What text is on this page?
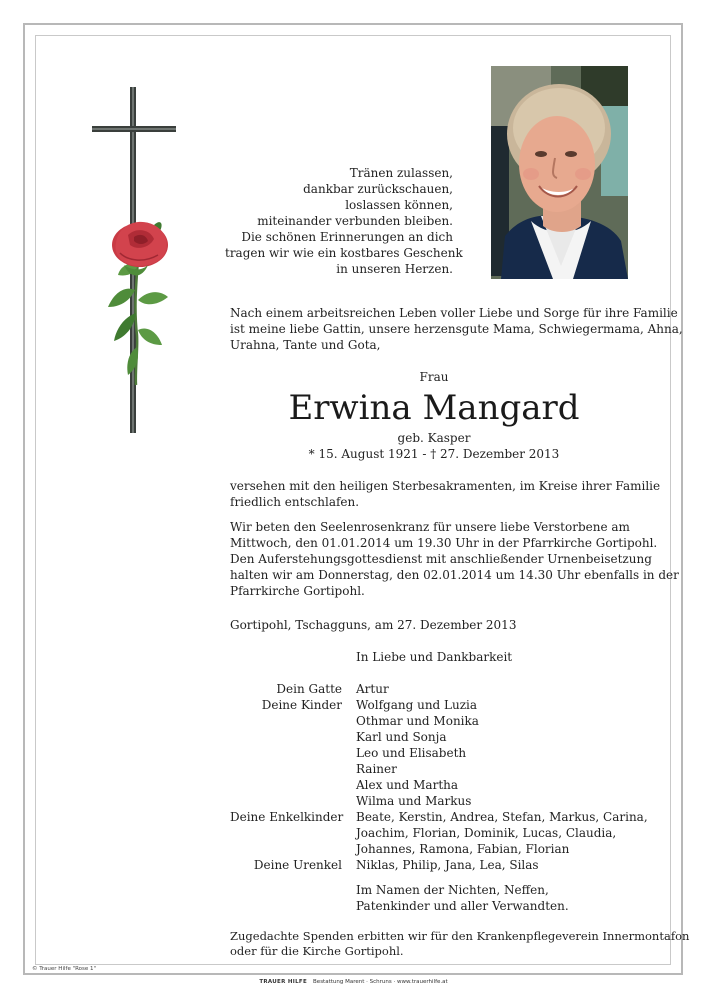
Tränen zulassen,
dankbar zurückschauen,
loslassen können,
miteinander verbunden bleiben.
Die schönen Erinnerungen an dich
tragen wir wie ein kostbares Geschenk
in unseren Herzen.

Nach einem arbeitsreichen Leben voller Liebe und Sorge für ihre Familie

ist meine liebe Gattin, unsere herzensgute Mama, Schwiegermama, Ahna,

Urahna, Tante und Gota,

Frau
Erwina Mangard
geb. Kasper
* 15. August 1921 - † 27. Dezember 2013
versehen mit den heiligen Sterbesakramenten, im Kreise ihrer Familie
friedlich entschlafen.
Wir beten den Seelenrosenkranz für unsere liebe Verstorbene am
Mittwoch, den 01.01.2014 um 19.30 Uhr in der Pfarrkirche Gortipohl.
Den Auferstehungsgottesdienst mit anschließender Urnenbeisetzung
halten wir am Donnerstag, den 02.01.2014 um 14.30 Uhr ebenfalls in der
Pfarrkirche Gortipohl.
Gortipohl, Tschagguns, am 27. Dezember 2013
In Liebe und Dankbarkeit
Dein Gatte Artur
Deine Kinder Wolfgang und Luzia
Othmar und Monika
Karl und Sonja
Leo und Elisabeth
Rainer
Alex und Martha
Wilma und Markus
Deine Enkelkinder Beate, Kerstin, Andrea, Stefan, Markus, Carina,
Joachim, Florian, Dominik, Lucas, Claudia,
Johannes, Ramona, Fabian, Florian
Deine Urenkel Niklas, Philip, Jana, Lea, Silas
Im Namen der Nichten, Neffen,
Patenkinder und aller Verwandten.
Zugedachte Spenden erbitten wir für den Krankenpflegeverein Innermontafon
oder für die Kirche Gortipohl.
© Trauer Hilfe "Rose 1"
TRAUER HILFE Bestattung Marent · Schruns · www.trauerhilfe.at
